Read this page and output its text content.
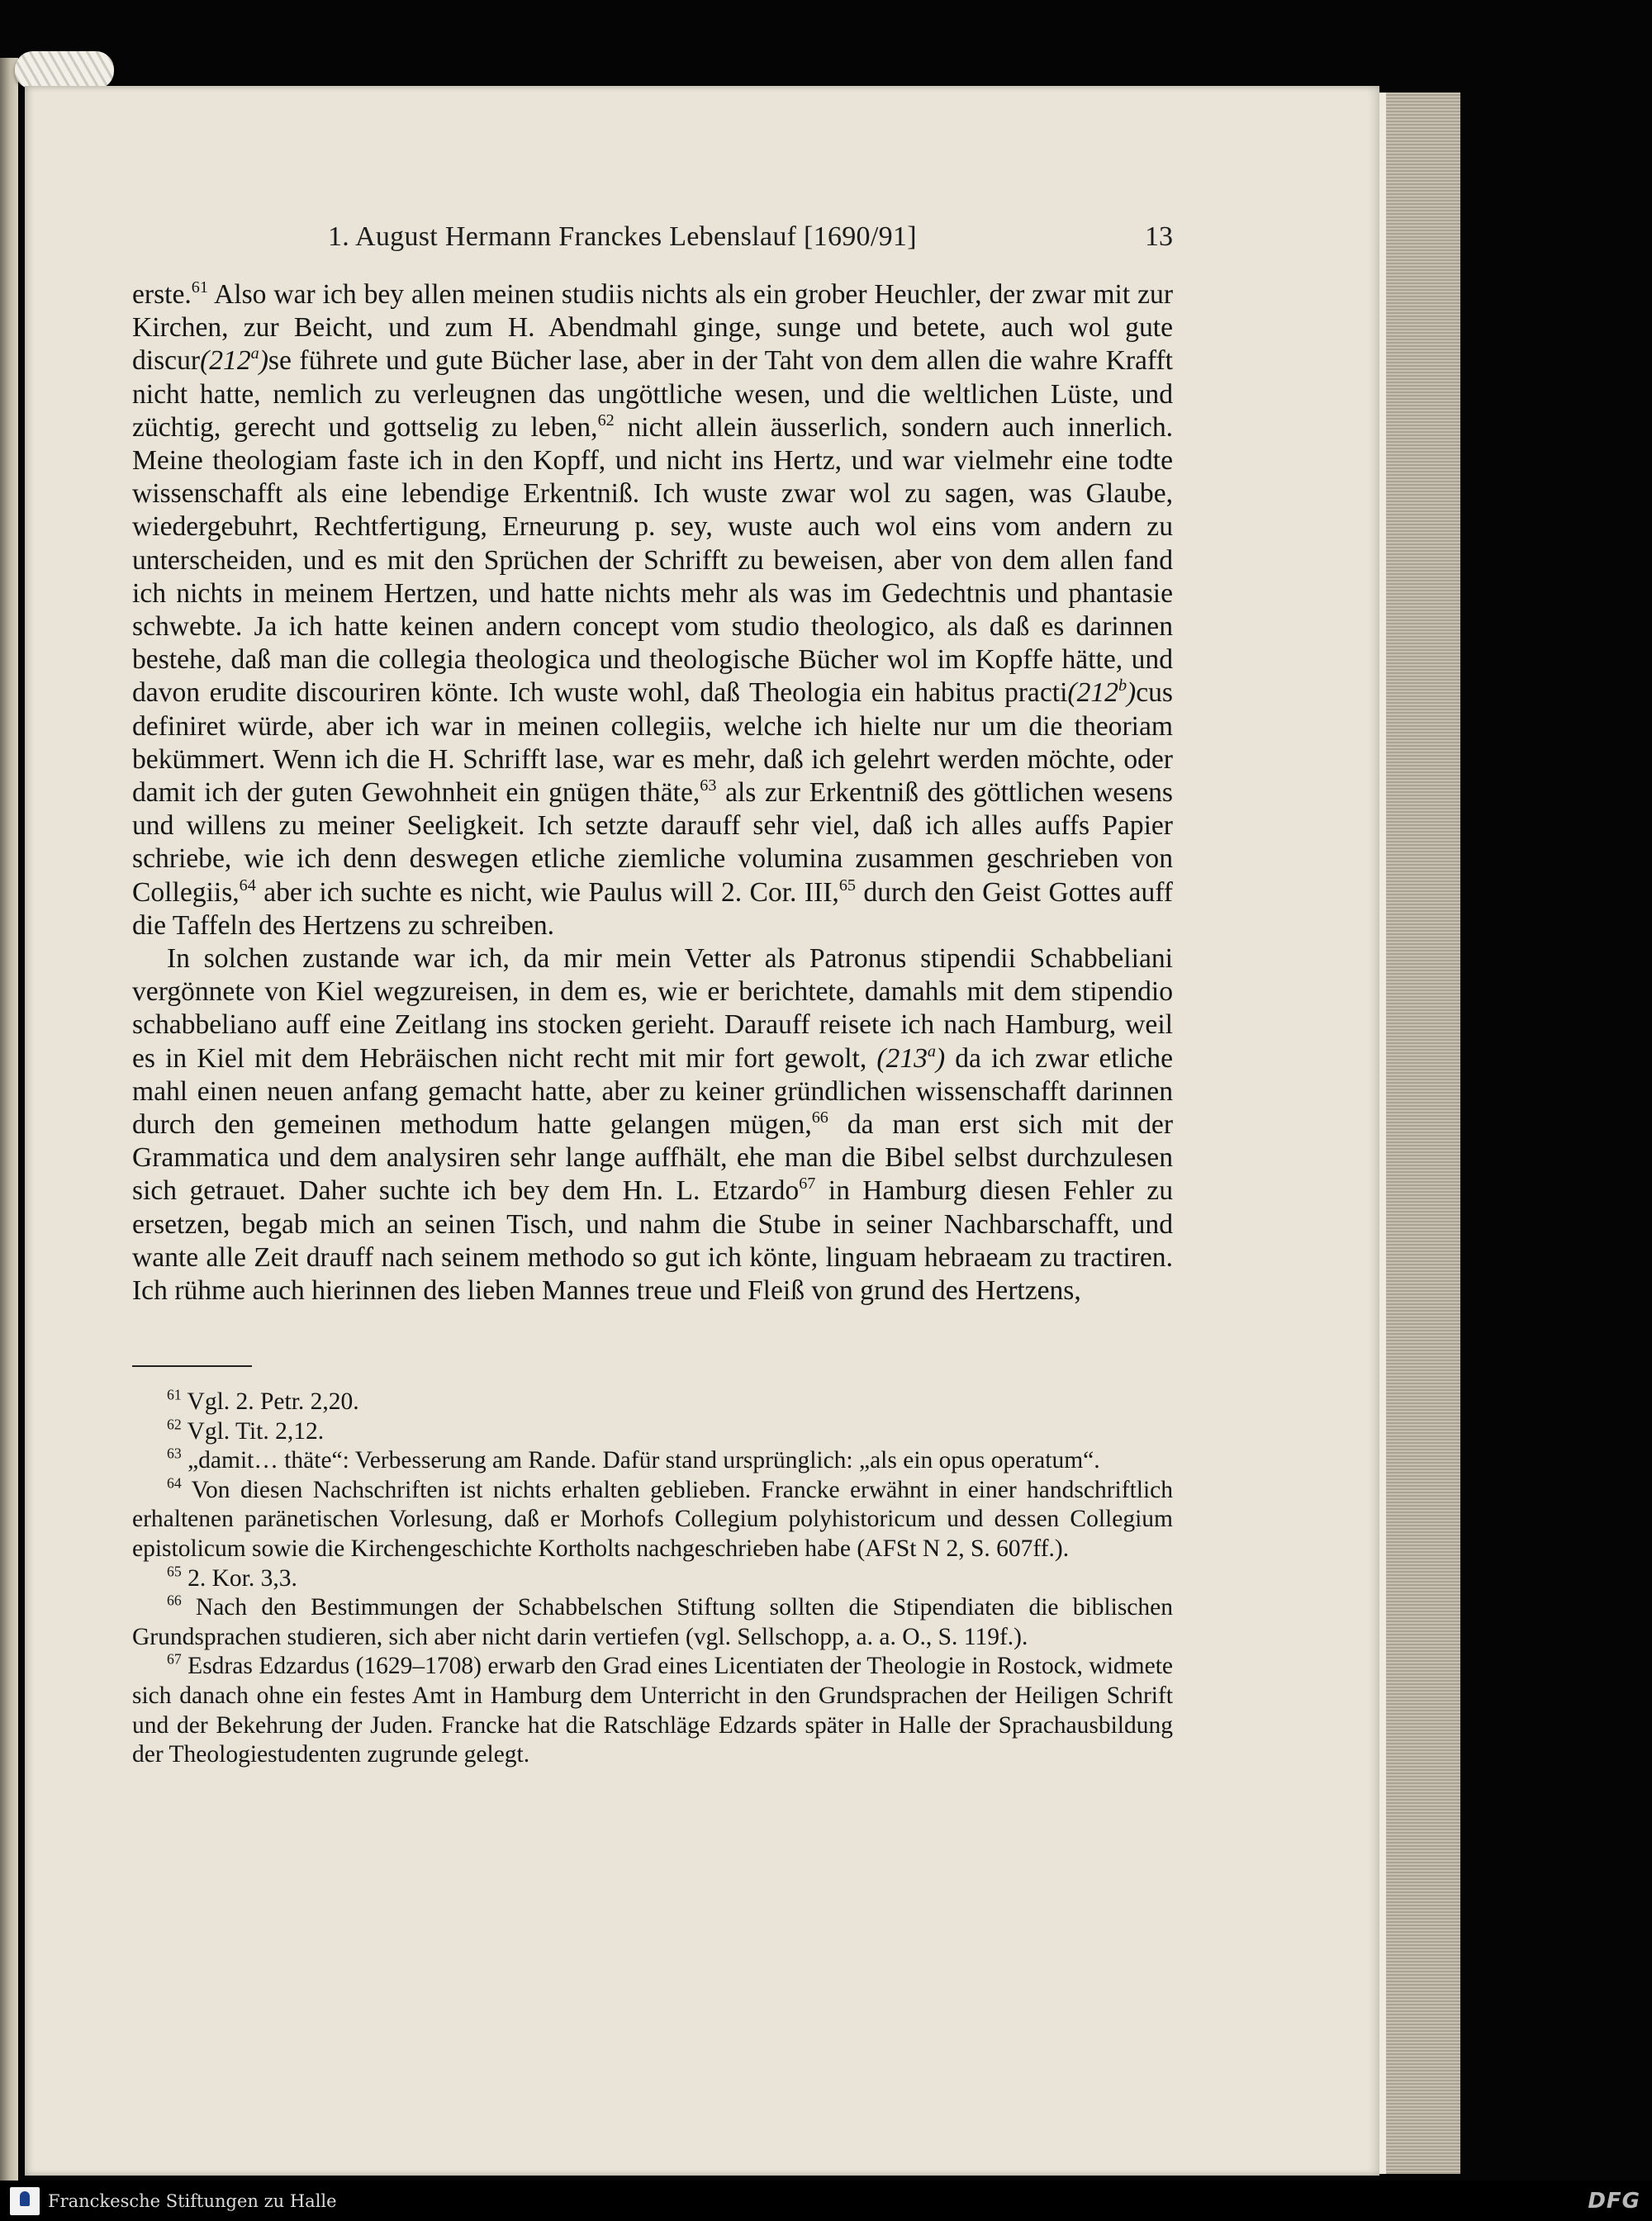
1. August Hermann Franckes Lebenslauf [1690/91]	13

erste.$^{61}$ Also war ich bey allen meinen studiis nichts als ein grober Heuchler, der zwar mit zur Kirchen, zur Beicht, und zum H. Abendmahl ginge, sunge und betete, auch wol gute discur(212$^a$)se führete und gute Bücher lase, aber in der Taht von dem allen die wahre Krafft nicht hatte, nemlich zu verleugnen das ungöttliche wesen, und die weltlichen Lüste, und züchtig, gerecht und gottselig zu leben,$^{62}$ nicht allein äusserlich, sondern auch innerlich. Meine theologiam faste ich in den Kopff, und nicht ins Hertz, und war vielmehr eine todte wissenschafft als eine lebendige Erkentniß. Ich wuste zwar wol zu sagen, was Glaube, wiedergebuhrt, Rechtfertigung, Erneurung p. sey, wuste auch wol eins vom andern zu unterscheiden, und es mit den Sprüchen der Schrifft zu beweisen, aber von dem allen fand ich nichts in meinem Hertzen, und hatte nichts mehr als was im Gedechtnis und phantasie schwebte. Ja ich hatte keinen andern concept vom studio theologico, als daß es darinnen bestehe, daß man die collegia theologica und theologische Bücher wol im Kopffe hätte, und davon erudite discouriren könte. Ich wuste wohl, daß Theologia ein habitus practi(212$^b$)cus definiret würde, aber ich war in meinen collegiis, welche ich hielte nur um die theoriam bekümmert. Wenn ich die H. Schrifft lase, war es mehr, daß ich gelehrt werden möchte, oder damit ich der guten Gewohnheit ein gnügen thäte,$^{63}$ als zur Erkentniß des göttlichen wesens und willens zu meiner Seeligkeit. Ich setzte darauff sehr viel, daß ich alles auffs Papier schriebe, wie ich denn deswegen etliche ziemliche volumina zusammen geschrieben von Collegiis,$^{64}$ aber ich suchte es nicht, wie Paulus will 2. Cor. III,$^{65}$ durch den Geist Gottes auff die Taffeln des Hertzens zu schreiben.

In solchen zustande war ich, da mir mein Vetter als Patronus stipendii Schabbeliani vergönnete von Kiel wegzureisen, in dem es, wie er berichtete, damahls mit dem stipendio schabbeliano auff eine Zeitlang ins stocken gerieht. Darauff reisete ich nach Hamburg, weil es in Kiel mit dem Hebräischen nicht recht mit mir fort gewolt, (213$^a$) da ich zwar etliche mahl einen neuen anfang gemacht hatte, aber zu keiner gründlichen wissenschafft darinnen durch den gemeinen methodum hatte gelangen mügen,$^{66}$ da man erst sich mit der Grammatica und dem analysiren sehr lange auffhält, ehe man die Bibel selbst durchzulesen sich getrauet. Daher suchte ich bey dem Hn. L. Etzardo$^{67}$ in Hamburg diesen Fehler zu ersetzen, begab mich an seinen Tisch, und nahm die Stube in seiner Nachbarschafft, und wante alle Zeit drauff nach seinem methodo so gut ich könte, linguam hebraeam zu tractiren. Ich rühme auch hierinnen des lieben Mannes treue und Fleiß von grund des Hertzens,

$^{61}$ Vgl. 2. Petr. 2,20.

$^{62}$ Vgl. Tit. 2,12.

$^{63}$ „damit… thäte“: Verbesserung am Rande. Dafür stand ursprünglich: „als ein opus operatum“.

$^{64}$ Von diesen Nachschriften ist nichts erhalten geblieben. Francke erwähnt in einer handschriftlich erhaltenen paränetischen Vorlesung, daß er Morhofs Collegium polyhistoricum und dessen Collegium epistolicum sowie die Kirchengeschichte Kortholts nachgeschrieben habe (AFSt N 2, S. 607ff.).

$^{65}$ 2. Kor. 3,3.

$^{66}$ Nach den Bestimmungen der Schabbelschen Stiftung sollten die Stipendiaten die biblischen Grundsprachen studieren, sich aber nicht darin vertiefen (vgl. Sellschopp, a. a. O., S. 119f.).

$^{67}$ Esdras Edzardus (1629–1708) erwarb den Grad eines Licentiaten der Theologie in Rostock, widmete sich danach ohne ein festes Amt in Hamburg dem Unterricht in den Grundsprachen der Heiligen Schrift und der Bekehrung der Juden. Francke hat die Ratschläge Edzards später in Halle der Sprachausbildung der Theologiestudenten zugrunde gelegt.

Franckesche Stiftungen zu Halle	DFG
